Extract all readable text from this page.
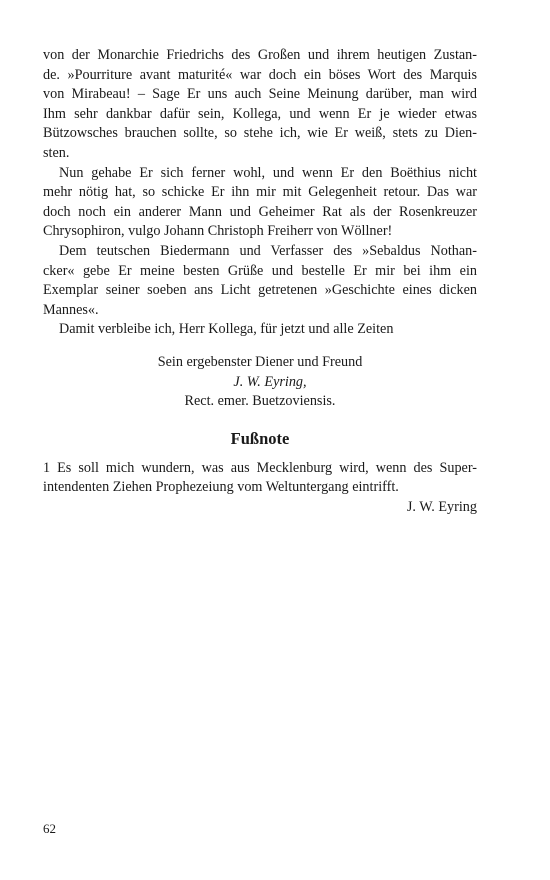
von der Monarchie Friedrichs des Großen und ihrem heutigen Zustan-
de. »Pourriture avant maturité« war doch ein böses Wort des Marquis
von Mirabeau! – Sage Er uns auch Seine Meinung darüber, man wird
Ihm sehr dankbar dafür sein, Kollega, und wenn Er je wieder etwas
Bützowsches brauchen sollte, so stehe ich, wie Er weiß, stets zu Dien-
sten.
Nun gehabe Er sich ferner wohl, und wenn Er den Boëthius nicht
mehr nötig hat, so schicke Er ihn mir mit Gelegenheit retour. Das war
doch noch ein anderer Mann und Geheimer Rat als der Rosenkreuzer
Chrysophiron, vulgo Johann Christoph Freiherr von Wöllner!
Dem teutschen Biedermann und Verfasser des »Sebaldus Nothan-
cker« gebe Er meine besten Grüße und bestelle Er mir bei ihm ein
Exemplar seiner soeben ans Licht getretenen »Geschichte eines dicken
Mannes«.
Damit verbleibe ich, Herr Kollega, für jetzt und alle Zeiten
Sein ergebenster Diener und Freund
J. W. Eyring,
Rect. emer. Buetzoviensis.
Fußnote
1 Es soll mich wundern, was aus Mecklenburg wird, wenn des Super-
intendenten Ziehen Prophezeiung vom Weltuntergang eintrifft.
J. W. Eyring
62
